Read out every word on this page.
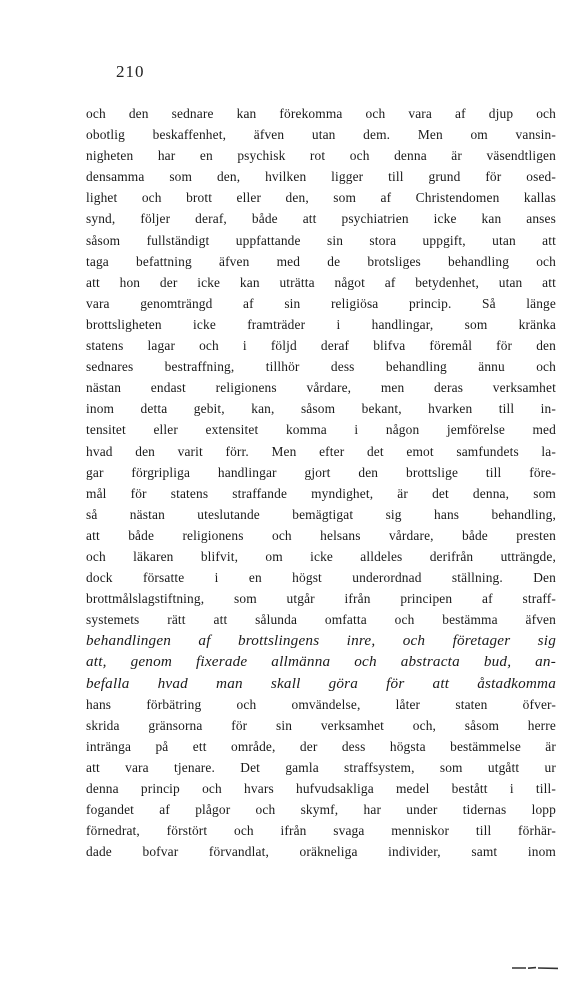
210
och den sednare kan förekomma och vara af djup och
obotlig beskaffenhet, äfven utan dem. Men om vansin-
nigheten har en psychisk rot och denna är väsendtligen
densamma som den, hvilken ligger till grund för osed-
lighet och brott eller den, som af Christendomen kallas
synd, följer deraf, både att psychiatrien icke kan anses
såsom fullständigt uppfattande sin stora uppgift, utan att
taga befattning äfven med de brotsliges behandling och
att hon der icke kan uträtta något af betydenhet, utan att
vara genomträngd af sin religiösa princip. Så länge
brottsligheten icke framträder i handlingar, som kränka
statens lagar och i följd deraf blifva föremål för den
sednares bestraffning, tillhör dess behandling ännu och
nästan endast religionens vårdare, men deras verksamhet
inom detta gebit, kan, såsom bekant, hvarken till in-
tensitet eller extensitet komma i någon jemförelse med
hvad den varit förr. Men efter det emot samfundets la-
gar förgripliga handlingar gjort den brottslige till före-
mål för statens straffande myndighet, är det denna, som
så nästan uteslutande bemägtigat sig hans behandling,
att både religionens och helsans vårdare, både presten
och läkaren blifvit, om icke alldeles derifrån utträngde,
dock försatte i en högst underordnad ställning. Den
brottmålslagstiftning, som utgår ifrån principen af straff-
systemets rätt att sålunda omfatta och bestämma äfven
behandlingen af brottslingens inre, och företager sig
att, genom fixerade allmänna och abstracta bud, an-
befalla hvad man skall göra för att åstadkomma
hans förbätring och omvändelse, låter staten öfver-
skrida gränsorna för sin verksamhet och, såsom herre
inträngа på ett område, der dess högsta bestämmelse är
att vara tjenare. Det gamla straffsystem, som utgått ur
denna princip och hvars hufvudsakliga medel bestått i till-
fogandet af plågor och skymf, har under tidernas lopp
förnedrat, förstört och ifrån svaga menniskor till förhär-
dade bofvar förvandlat, oräkneliga individer, samt inom
